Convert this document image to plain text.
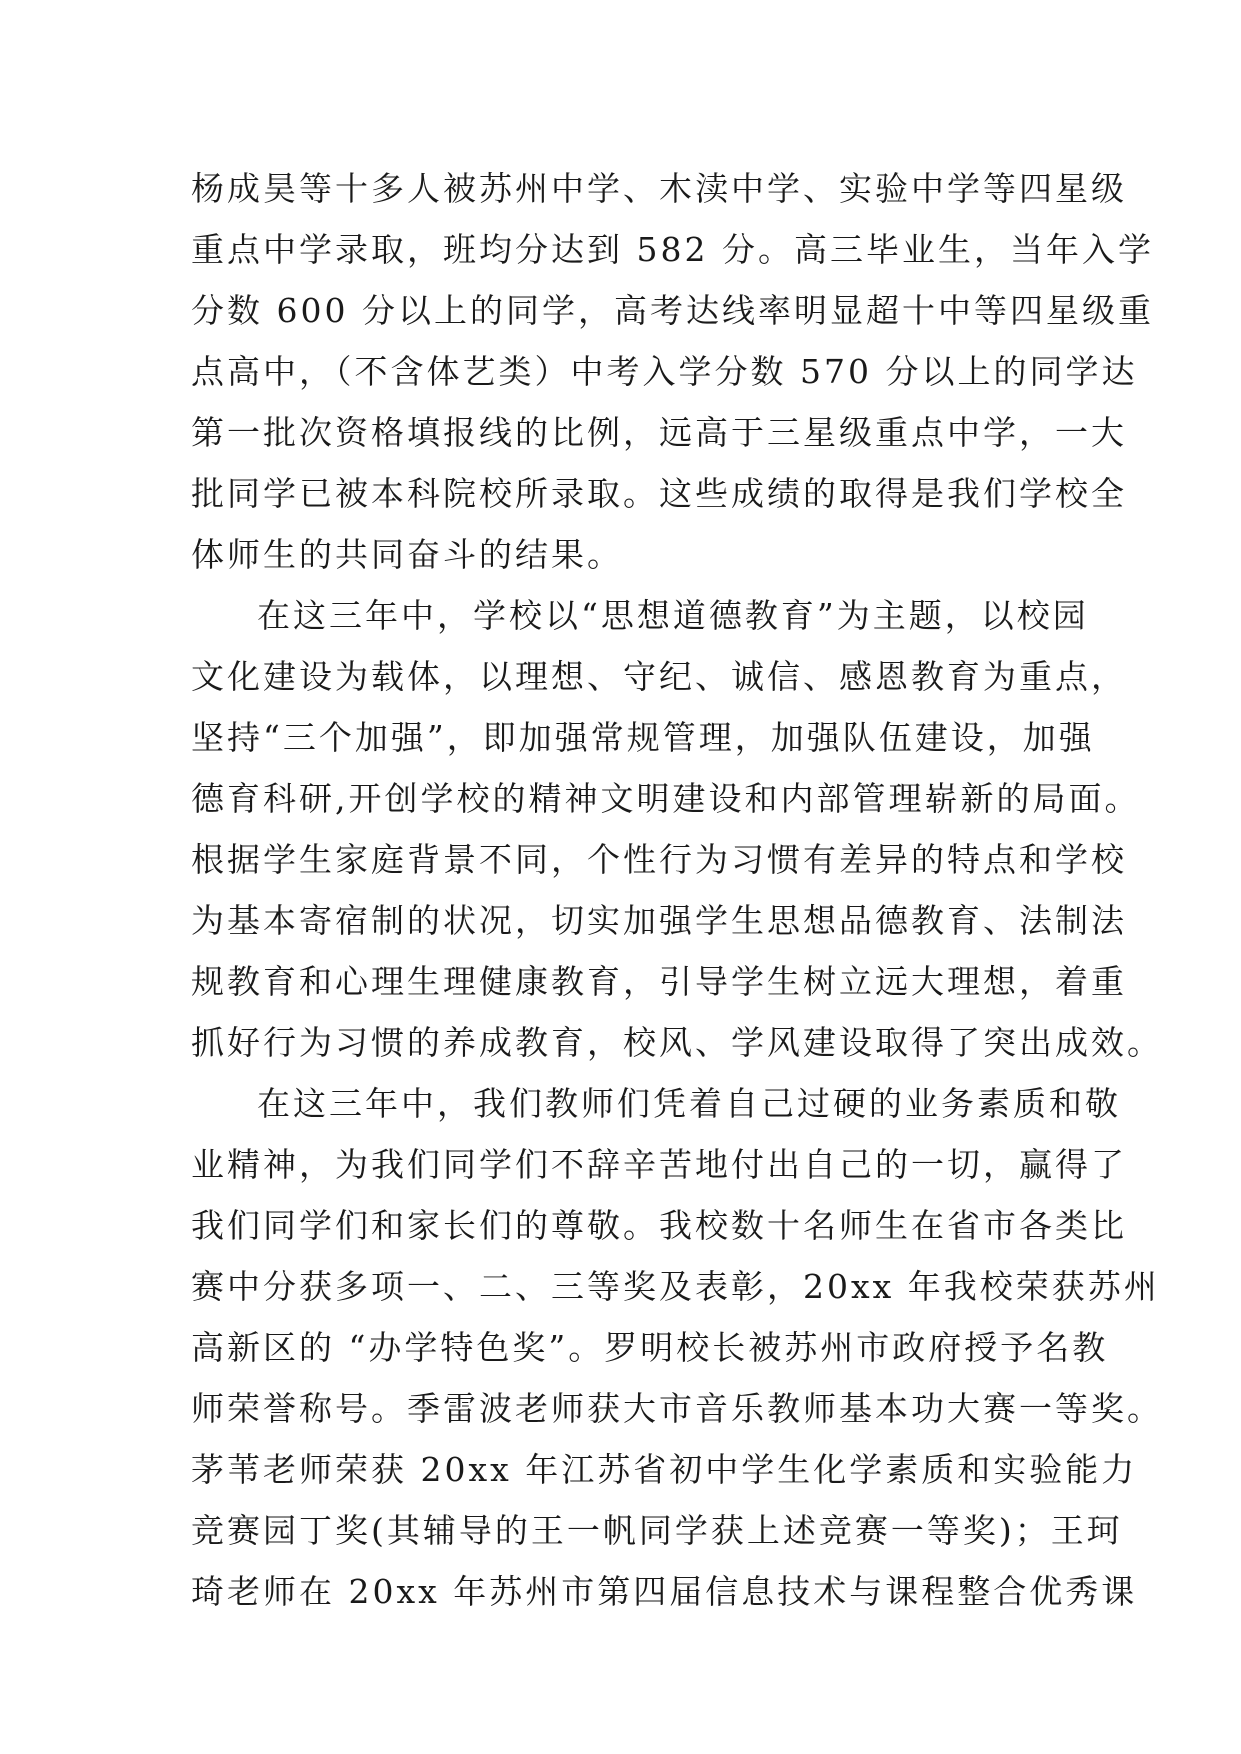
杨成昊等十多人被苏州中学、木渎中学、实验中学等四星级
重点中学录取，班均分达到 582 分。高三毕业生，当年入学
分数 600 分以上的同学，高考达线率明显超十中等四星级重
点高中，（不含体艺类）中考入学分数 570 分以上的同学达
第一批次资格填报线的比例，远高于三星级重点中学，一大
批同学已被本科院校所录取。这些成绩的取得是我们学校全
体师生的共同奋斗的结果。
在这三年中，学校以“思想道德教育”为主题，以校园
文化建设为载体，以理想、守纪、诚信、感恩教育为重点，
坚持“三个加强”，即加强常规管理，加强队伍建设，加强
德育科研,开创学校的精神文明建设和内部管理崭新的局面。
根据学生家庭背景不同，个性行为习惯有差异的特点和学校
为基本寄宿制的状况，切实加强学生思想品德教育、法制法
规教育和心理生理健康教育，引导学生树立远大理想，着重
抓好行为习惯的养成教育，校风、学风建设取得了突出成效。
在这三年中，我们教师们凭着自己过硬的业务素质和敬
业精神，为我们同学们不辞辛苦地付出自己的一切，赢得了
我们同学们和家长们的尊敬。我校数十名师生在省市各类比
赛中分获多项一、二、三等奖及表彰，20xx 年我校荣获苏州
高新区的 “办学特色奖”。罗明校长被苏州市政府授予名教
师荣誉称号。季雷波老师获大市音乐教师基本功大赛一等奖。
茅苇老师荣获 20xx 年江苏省初中学生化学素质和实验能力
竞赛园丁奖(其辅导的王一帆同学获上述竞赛一等奖)；王珂
琦老师在 20xx 年苏州市第四届信息技术与课程整合优秀课
